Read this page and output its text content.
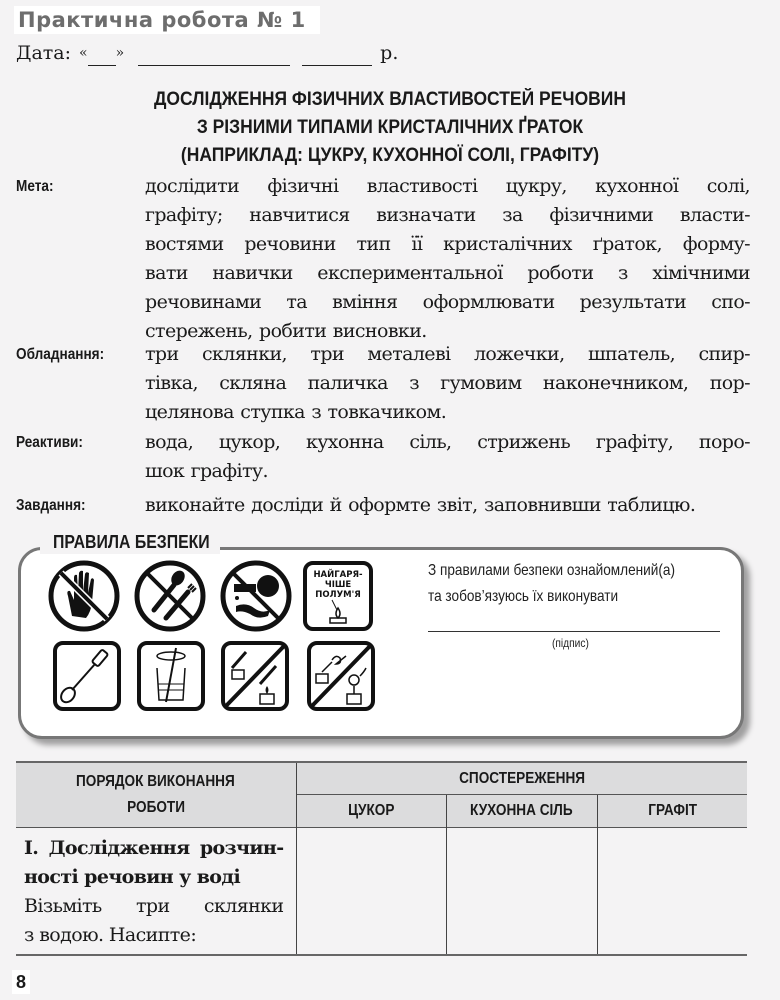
Практична робота № 1
Дата: « »	р.
ДОСЛІДЖЕННЯ ФІЗИЧНИХ ВЛАСТИВОСТЕЙ РЕЧОВИН
З РІЗНИМИ ТИПАМИ КРИСТАЛІЧНИХ ҐРАТОК
(НАПРИКЛАД: ЦУКРУ, КУХОННОЇ СОЛІ, ГРАФІТУ)
Мета:	дослідити фізичні властивості цукру, кухонної солі,
графіту; навчитися визначати за фізичними власти-
востями речовини тип її кристалічних ґраток, форму-
вати навички експериментальної роботи з хімічними
речовинами та вміння оформлювати результати спо-
стережень, робити висновки.
Обладнання: три склянки, три металеві ложечки, шпатель, спир-
тівка, скляна паличка з гумовим наконечником, пор-
целянова ступка з товкачиком.
Реактиви:	вода, цукор, кухонна сіль, стрижень графіту, поро-
шок графіту.
Завдання:	виконайте досліди й оформте звіт, заповнивши таблицю.
ПРАВИЛА БЕЗПЕКИ
НАЙГАРЯ-
ЧІШЕ
ПОЛУМ'Я
З правилами безпеки ознайомлений(а)
та зобов’язуюсь їх виконувати
(підпис)
ПОРЯДОК ВИКОНАННЯ
РОБОТИ	СПОСТЕРЕЖЕННЯ		
	ЦУКОР	КУХОННА СІЛЬ	ГРАФІТ

І. Дослідження розчин-
ності речовин у воді
Візьміть три склянки
з водою. Насипте:			

8
